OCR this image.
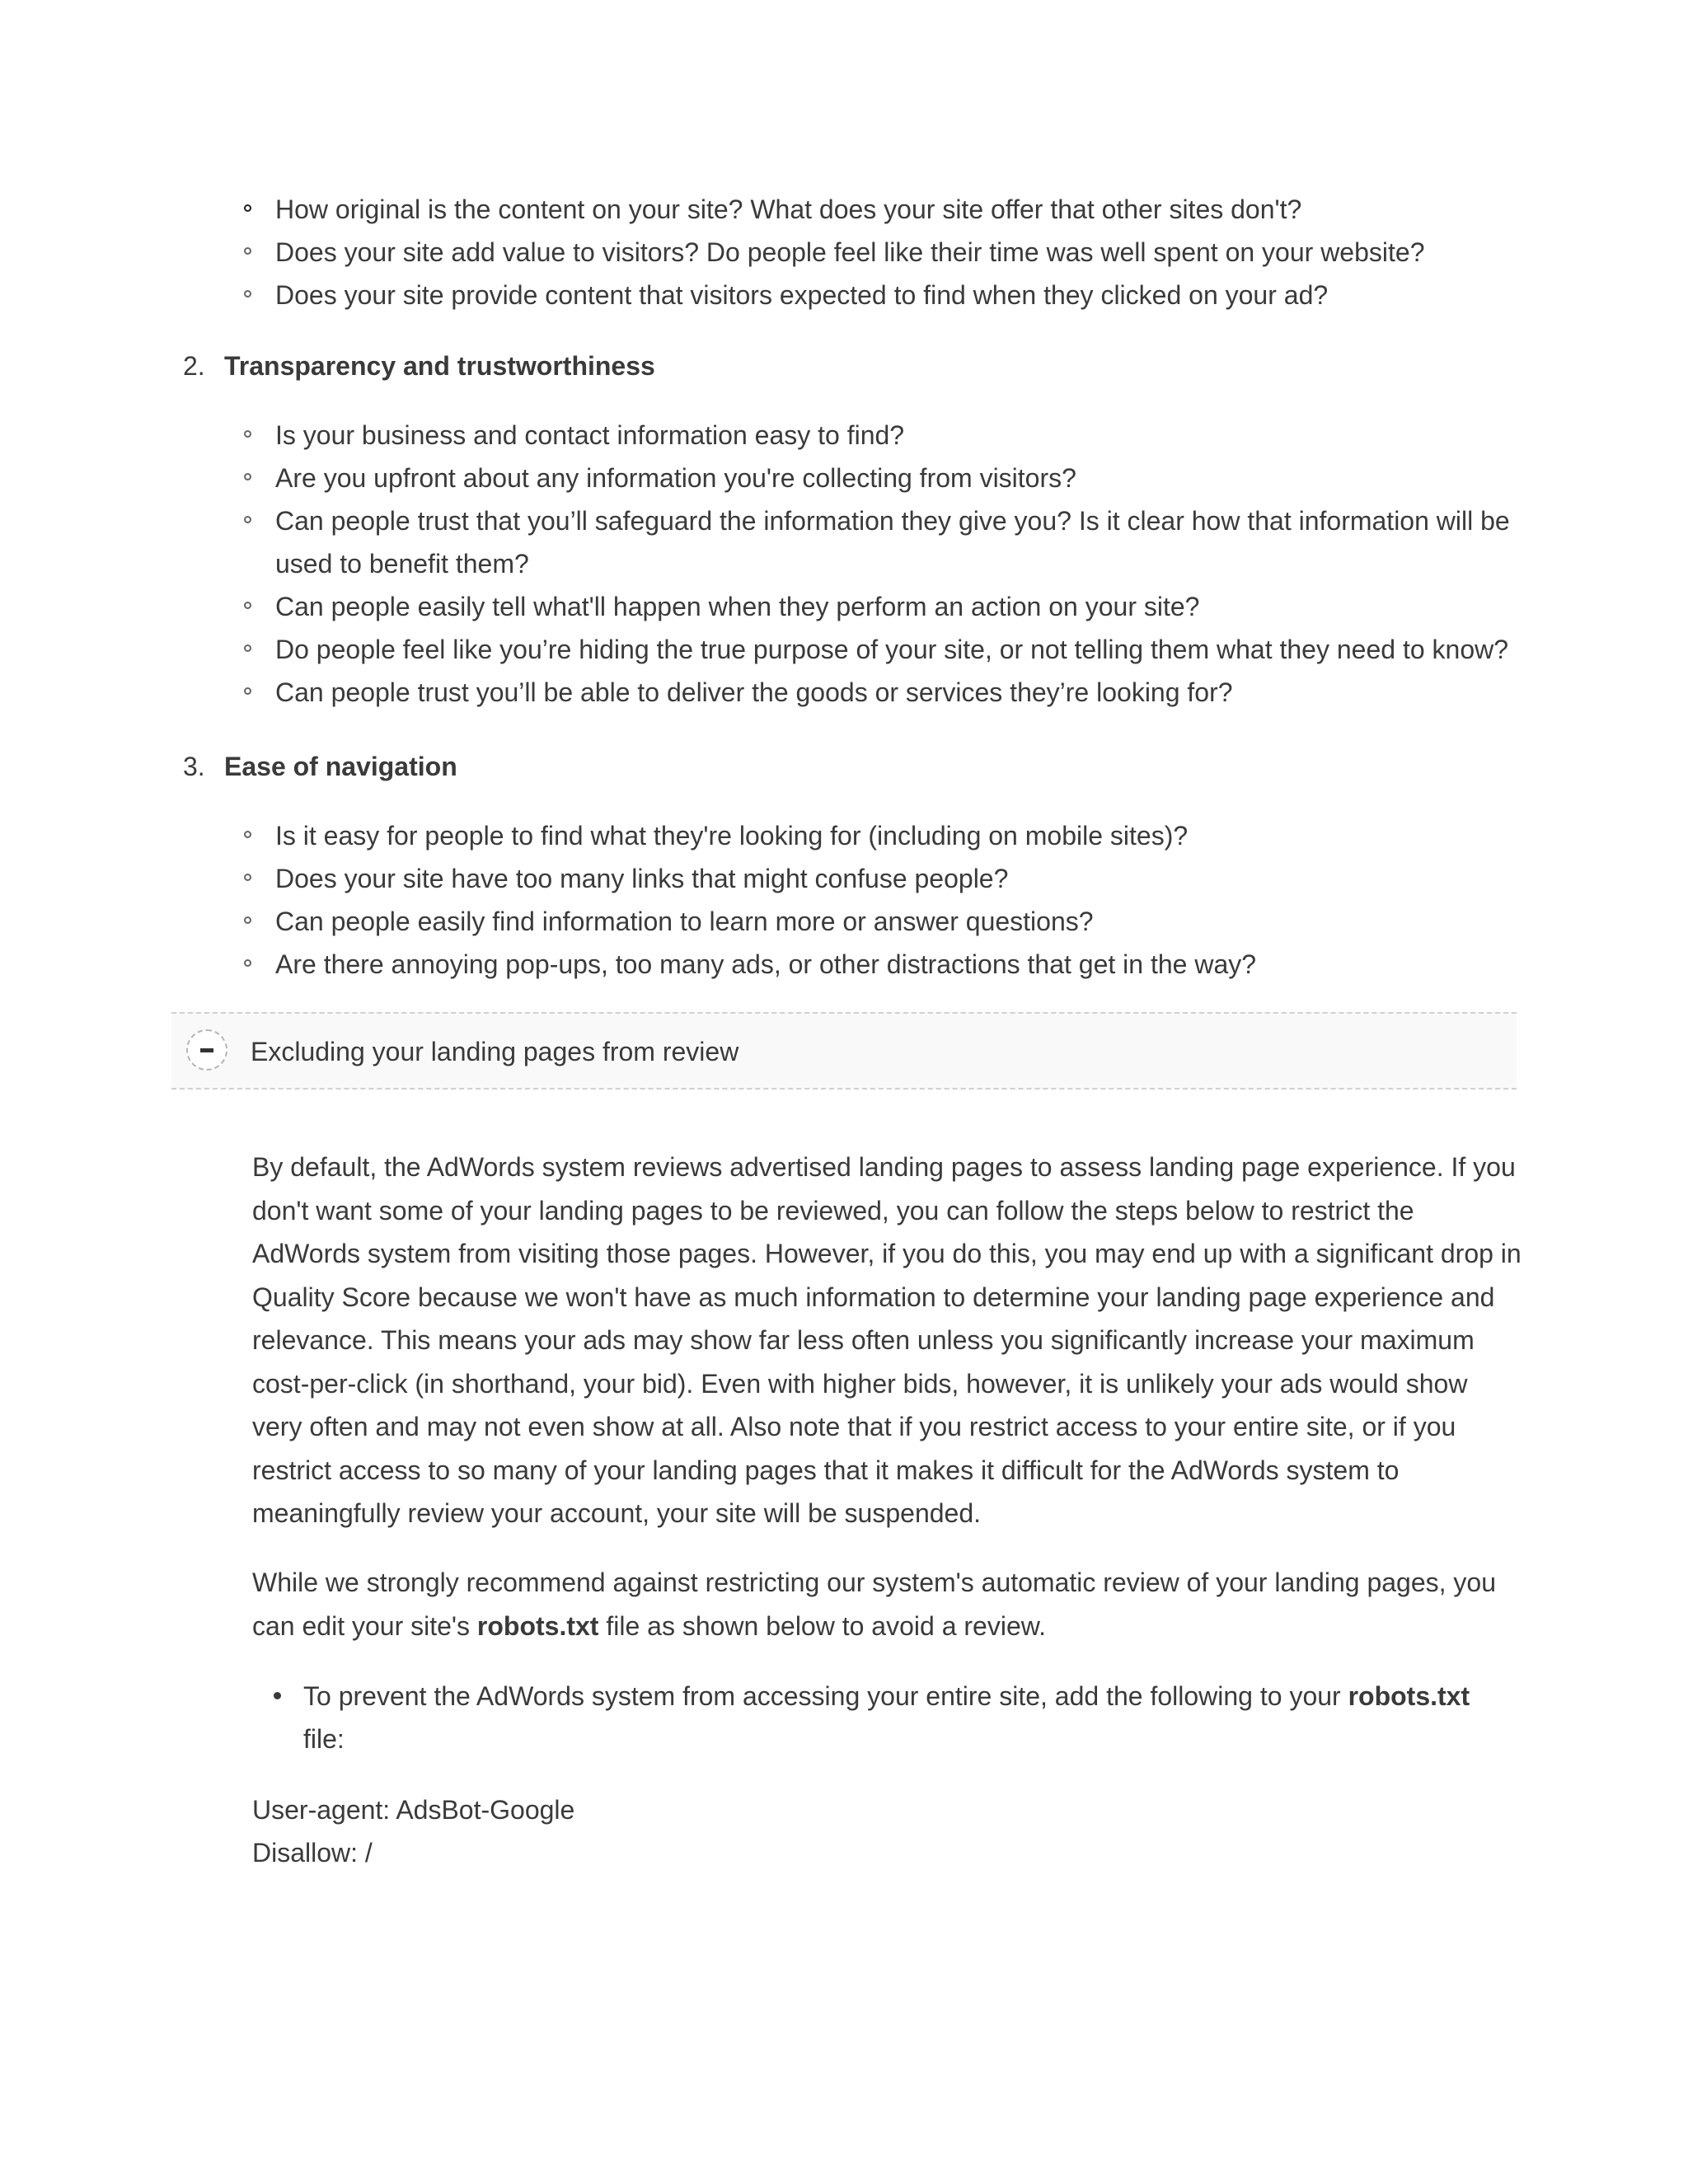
How original is the content on your site? What does your site offer that other sites don't?
Does your site add value to visitors? Do people feel like their time was well spent on your website?
Does your site provide content that visitors expected to find when they clicked on your ad?
2. Transparency and trustworthiness
Is your business and contact information easy to find?
Are you upfront about any information you're collecting from visitors?
Can people trust that you’ll safeguard the information they give you? Is it clear how that information will be used to benefit them?
Can people easily tell what'll happen when they perform an action on your site?
Do people feel like you’re hiding the true purpose of your site, or not telling them what they need to know?
Can people trust you’ll be able to deliver the goods or services they’re looking for?
3. Ease of navigation
Is it easy for people to find what they're looking for (including on mobile sites)?
Does your site have too many links that might confuse people?
Can people easily find information to learn more or answer questions?
Are there annoying pop-ups, too many ads, or other distractions that get in the way?
Excluding your landing pages from review

By default, the AdWords system reviews advertised landing pages to assess landing page experience. If you don't want some of your landing pages to be reviewed, you can follow the steps below to restrict the AdWords system from visiting those pages. However, if you do this, you may end up with a significant drop in Quality Score because we won't have as much information to determine your landing page experience and relevance. This means your ads may show far less often unless you significantly increase your maximum cost-per-click (in shorthand, your bid). Even with higher bids, however, it is unlikely your ads would show very often and may not even show at all. Also note that if you restrict access to your entire site, or if you restrict access to so many of your landing pages that it makes it difficult for the AdWords system to meaningfully review your account, your site will be suspended.

While we strongly recommend against restricting our system's automatic review of your landing pages, you can edit your site's robots.txt file as shown below to avoid a review.

To prevent the AdWords system from accessing your entire site, add the following to your robots.txt file:
User-agent: AdsBot-Google
Disallow: /
